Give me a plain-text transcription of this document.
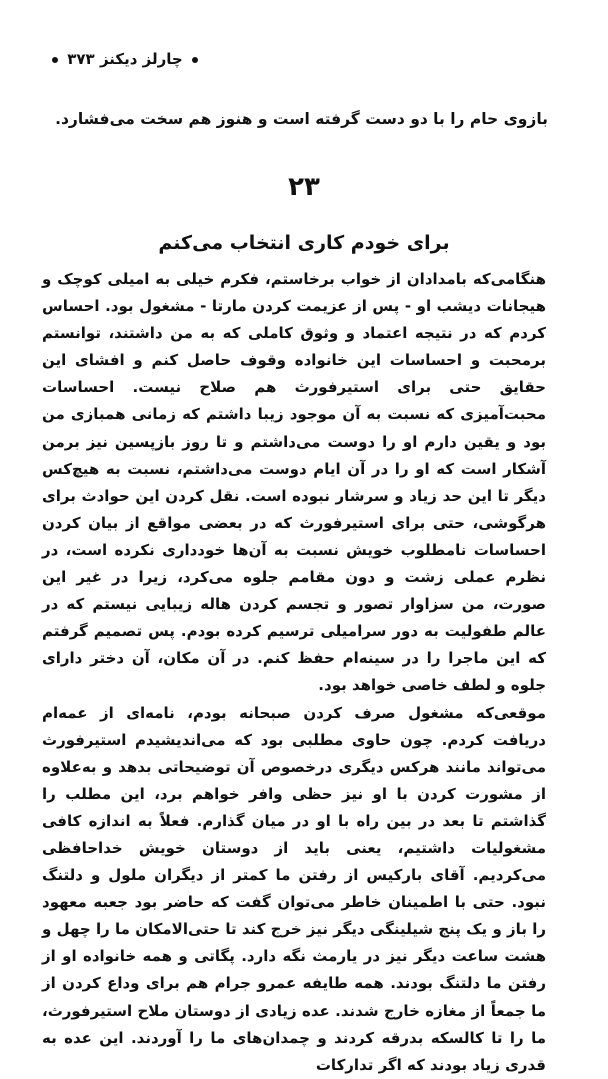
چارلز دیکنز ۳۷۳
بازوی حام را با دو دست گرفته است و هنوز هم سخت می‌فشارد.
۲۳
برای خودم کاری انتخاب می‌کنم

هنگامی‌که بامدادان از خواب برخاستم، فکرم خیلی به امیلی کوچک و هیجانات دیشب او - پس از عزیمت کردن مارتا - مشغول بود. احساس کردم که در نتیجه اعتماد و وثوق کاملی که به من داشتند، توانستم برمحبت و احساسات این خانواده وقوف حاصل کنم و افشای این حقایق حتی برای استیرفورث هم صلاح نیست. احساسات محبت‌آمیزی که نسبت به آن موجود زیبا داشتم که زمانی همبازی من بود و یقین دارم او را دوست می‌داشتم و تا روز بازپسین نیز برمن آشکار است که او را در آن ایام دوست می‌داشتم، نسبت به هیچ‌کس دیگر تا این حد زیاد و سرشار نبوده است. نقل کردن این حوادث برای هرگوشی، حتی برای استیرفورث که در بعضی مواقع از بیان کردن احساسات نامطلوب خویش نسبت به آن‌ها خودداری نکرده است، در نظرم عملی زشت و دون مقامم جلوه می‌کرد، زیرا در غیر این صورت، من سزاوار تصور و تجسم کردن هاله زیبایی نیستم که در عالم طفولیت به دور سرامیلی ترسیم کرده بودم. پس تصمیم گرفتم که این ماجرا را در سینه‌ام حفظ کنم. در آن مکان، آن دختر دارای جلوه و لطف خاصی خواهد بود.

موقعی‌که مشغول صرف کردن صبحانه بودم، نامه‌ای از عمه‌ام دریافت کردم. چون حاوی مطلبی بود که می‌اندیشیدم استیرفورث می‌تواند مانند هرکس دیگری درخصوص آن توضیحاتی بدهد و به‌علاوه از مشورت کردن با او نیز حظی وافر خواهم برد، این مطلب را گذاشتم تا بعد در بین راه با او در میان گذارم. فعلاً به اندازه کافی مشغولیات داشتیم، یعنی باید از دوستان خویش خداحافظی می‌کردیم. آقای بارکیس از رفتن ما کمتر از دیگران ملول و دلتنگ نبود. حتی با اطمینان خاطر می‌توان گفت که حاضر بود جعبه معهود را باز و یک پنج شیلینگی دیگر نیز خرج کند تا حتی‌الامکان ما را چهل و هشت ساعت دیگر نیز در یارمث نگه دارد. پگاتی و همه خانواده او از رفتن ما دلتنگ بودند. همه طایفه عمرو جرام هم برای وداع کردن از ما جمعاً از مغازه خارج شدند. عده زیادی از دوستان ملاح استیرفورث، ما را تا کالسکه بدرقه کردند و چمدان‌های ما را آوردند. این عده به قدری زیاد بودند که اگر تدارکات
